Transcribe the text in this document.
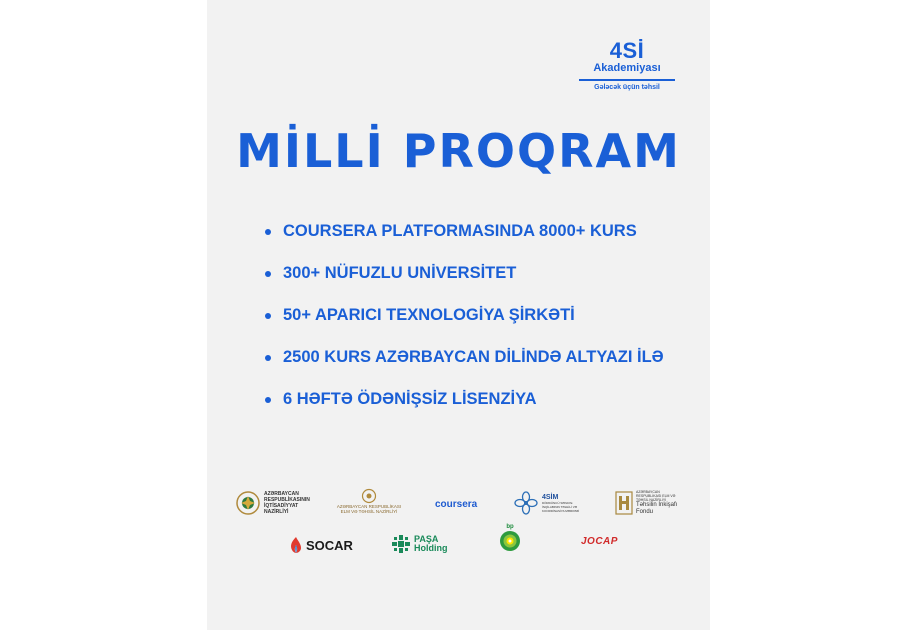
4Sİ
Akademiyası
Gələcək üçün təhsil
MİLLİ PROQRAM
COURSERA PLATFORMASINDA 8000+ KURS
300+ NÜFUZLU UNİVERSİTET
50+ APARICI TEXNOLOGİYA ŞİRKƏTİ
2500 KURS AZƏRBAYCAN DİLİNDƏ ALTYAZI İLƏ
6 HƏFTƏ ÖDƏNİŞSİZ LİSENZİYA
AZƏRBAYCAN RESPUBLİKASININ İQTİSADİYYAT NAZİRLİYİ
AZƏRBAYCAN RESPUBLİKASI ELM VƏ TƏHSİL NAZİRLİYİ
coursera
4SİM
DÖRDÜNCÜ SƏNAYE İNQİLABININ TƏHLİLİ VƏ KOORDİNASİYA MƏRKƏZİ
AZƏRBAYCAN RESPUBLİKASI ELM VƏ TƏHSİL NAZİRLİYİ
Təhsilin İnkişafı Fondu
SOCAR	PAŞA Holding
bp
JOCAP
